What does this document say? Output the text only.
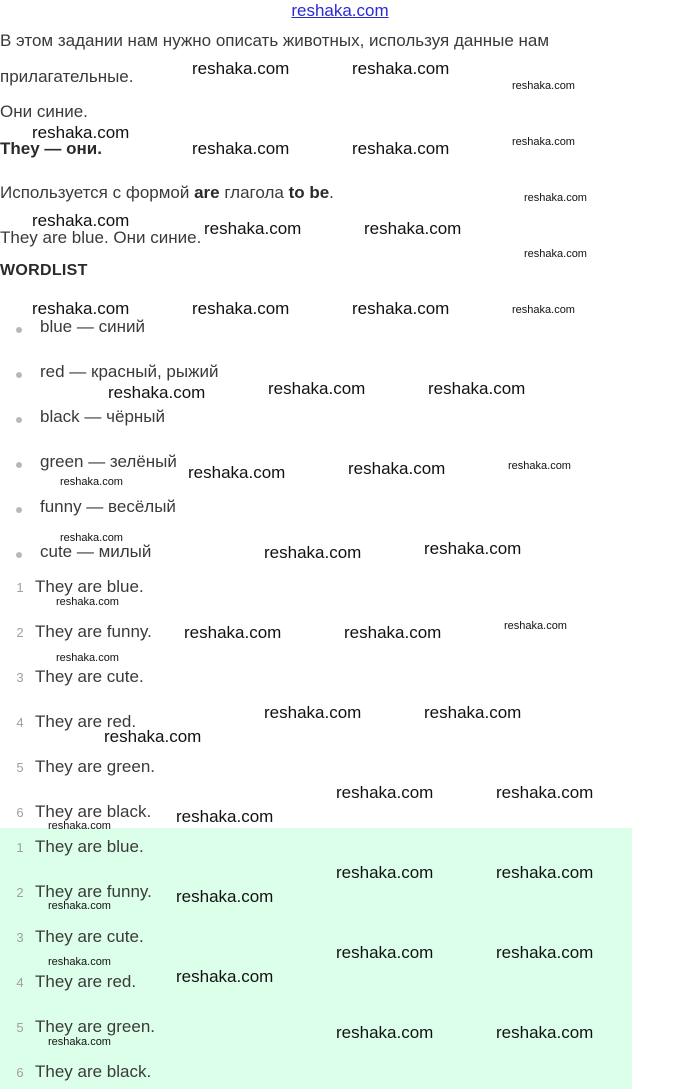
reshaka.com
В этом задании нам нужно описать животных, используя данные нам
прилагательные.
Они синие.
They — они.
Используется с формой are глагола to be.
They are blue. Они синие.
WORDLIST
blue — синий
red — красный, рыжий
black — чёрный
green — зелёный
funny — весёлый
cute — милый
1 They are blue.
2 They are funny.
3 They are cute.
4 They are red.
5 They are green.
6 They are black.
1 They are blue.
2 They are funny.
3 They are cute.
4 They are red.
5 They are green.
6 They are black.
reshaka.com	reshaka.com
reshaka.com
reshaka.com	reshaka.com
reshaka.com	reshaka.com	reshaka.com
reshaka.com	reshaka.com	reshaka.com
reshaka.com	reshaka.com	reshaka.com
reshaka.com	reshaka.com
reshaka.com	reshaka.com
reshaka.com	reshaka.com
reshaka.com	reshaka.com
reshaka.com
reshaka.com	reshaka.com
reshaka.com
reshaka.com	reshaka.com
reshaka.com
reshaka.com	reshaka.com
reshaka.com
reshaka.com	reshaka.com
reshaka.com
reshaka.com
reshaka.com
reshaka.com
reshaka.com
reshaka.com
reshaka.com
reshaka.com
reshaka.com
reshaka.com
reshaka.com
reshaka.com
reshaka.com
reshaka.com
reshaka.com
